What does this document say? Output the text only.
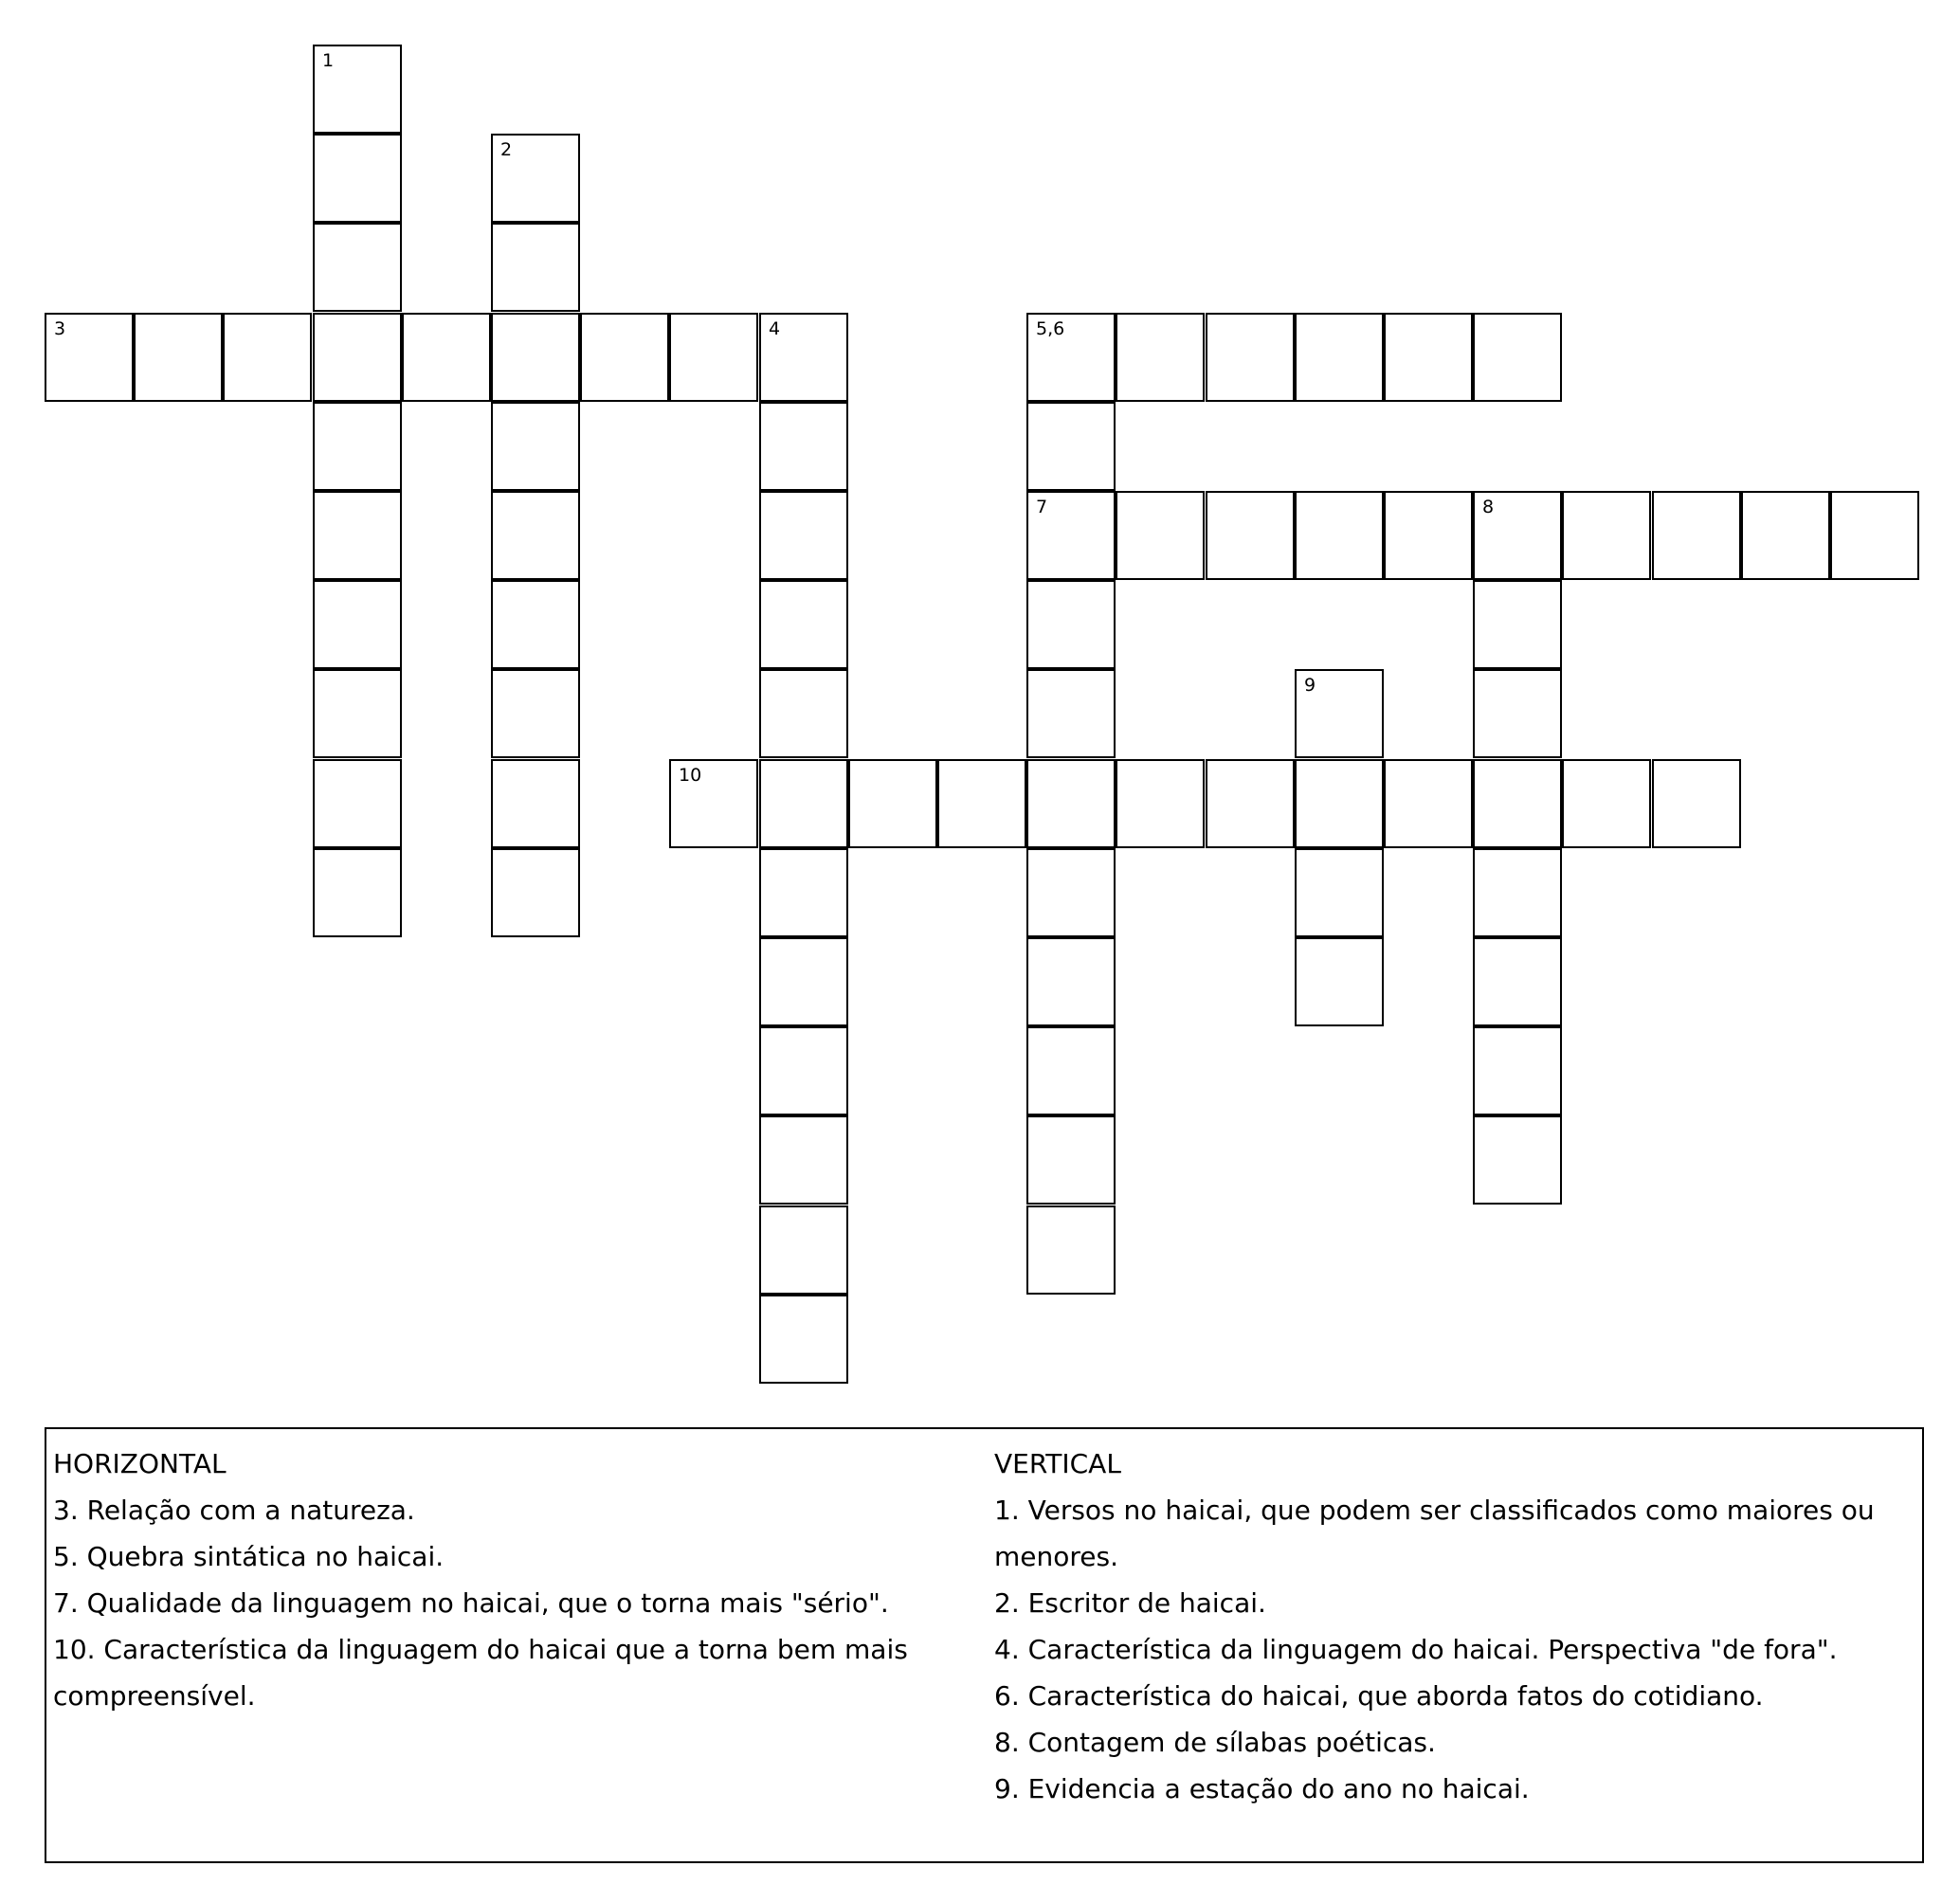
1
2
3	4	5,6
7	8
9
10
HORIZONTAL
3. Relação com a natureza.
5. Quebra sintática no haicai.
7. Qualidade da linguagem no haicai, que o torna mais "sério".
10. Característica da linguagem do haicai que a torna bem mais compreensível.
VERTICAL
1. Versos no haicai, que podem ser classificados como maiores ou menores.
2. Escritor de haicai.
4. Característica da linguagem do haicai. Perspectiva "de fora".
6. Característica do haicai, que aborda fatos do cotidiano.
8. Contagem de sílabas poéticas.
9. Evidencia a estação do ano no haicai.
